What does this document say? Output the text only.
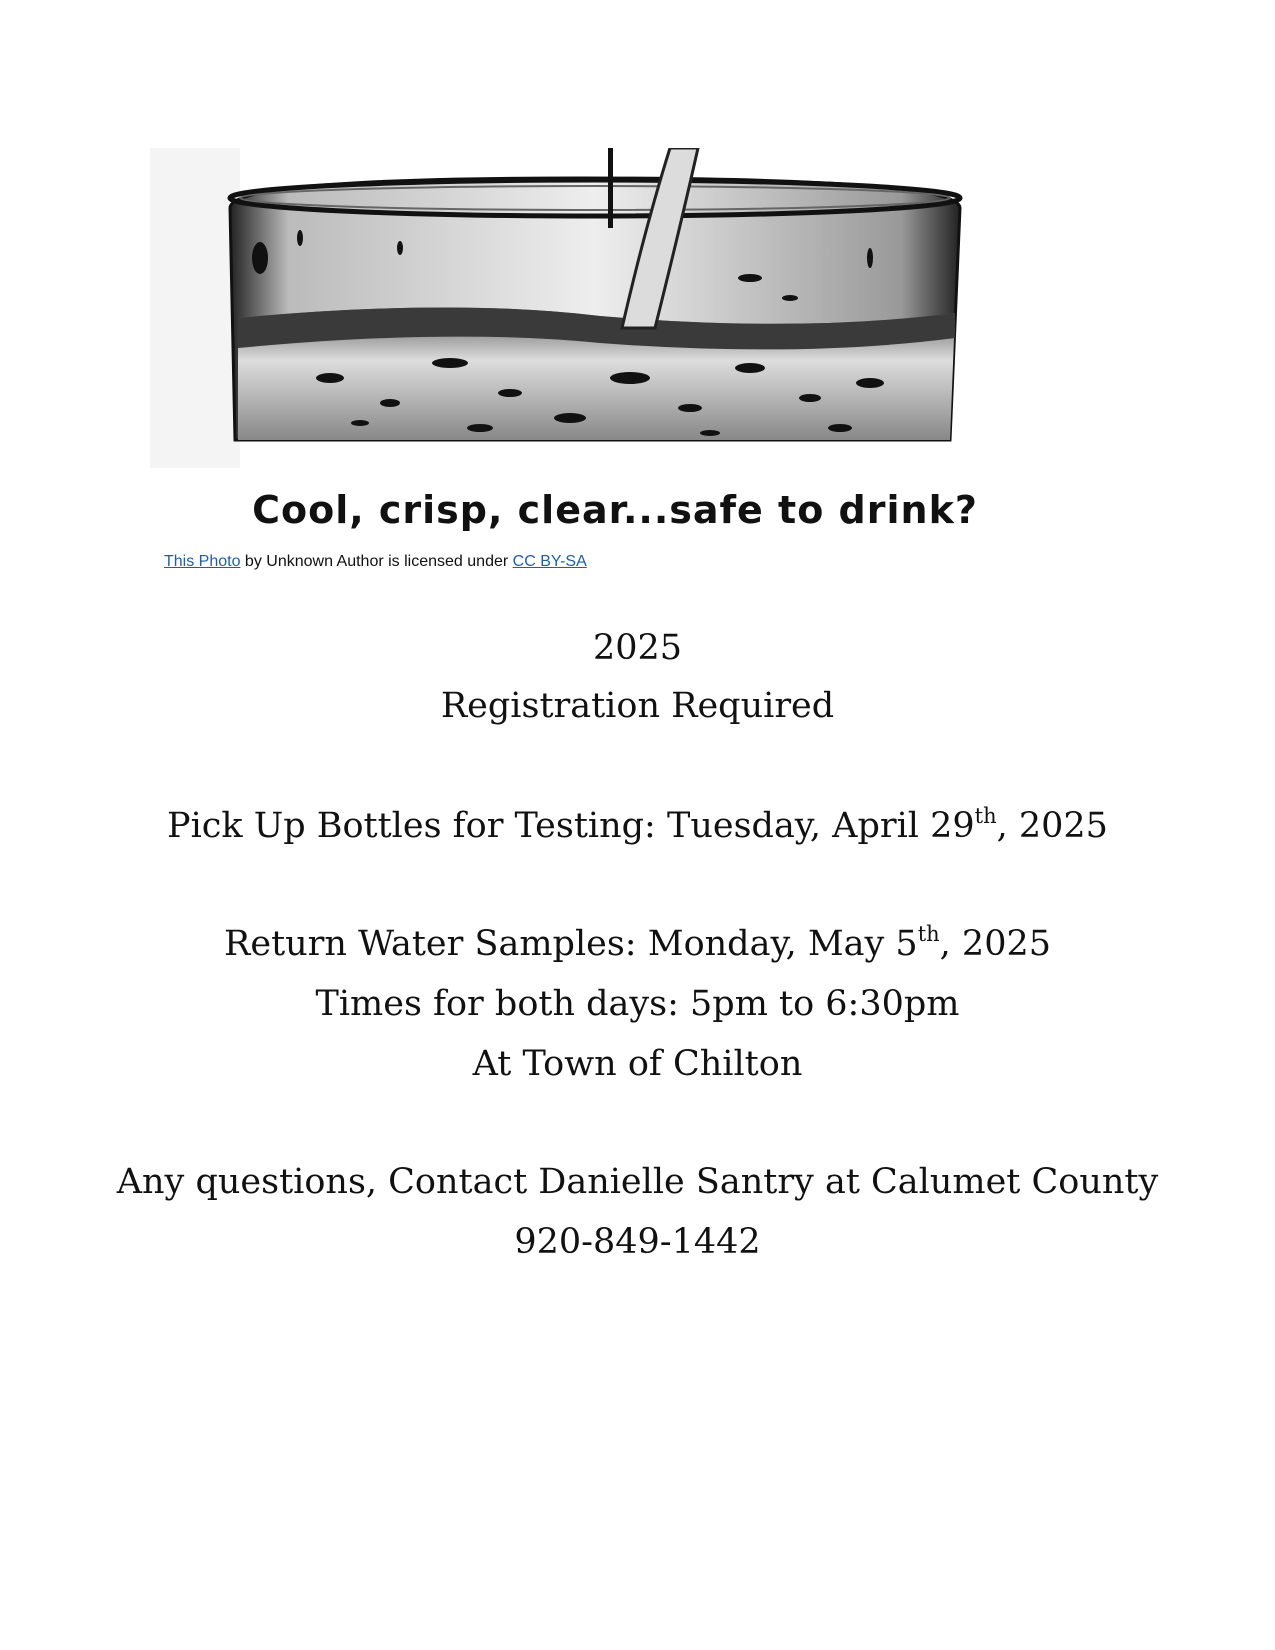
Cool, crisp, clear...safe to drink?
This Photo by Unknown Author is licensed under CC BY-SA
2025
Registration Required
Pick Up Bottles for Testing: Tuesday, April 29th, 2025
Return Water Samples: Monday, May 5th, 2025
Times for both days: 5pm to 6:30pm
At Town of Chilton
Any questions, Contact Danielle Santry at Calumet County
920-849-1442
